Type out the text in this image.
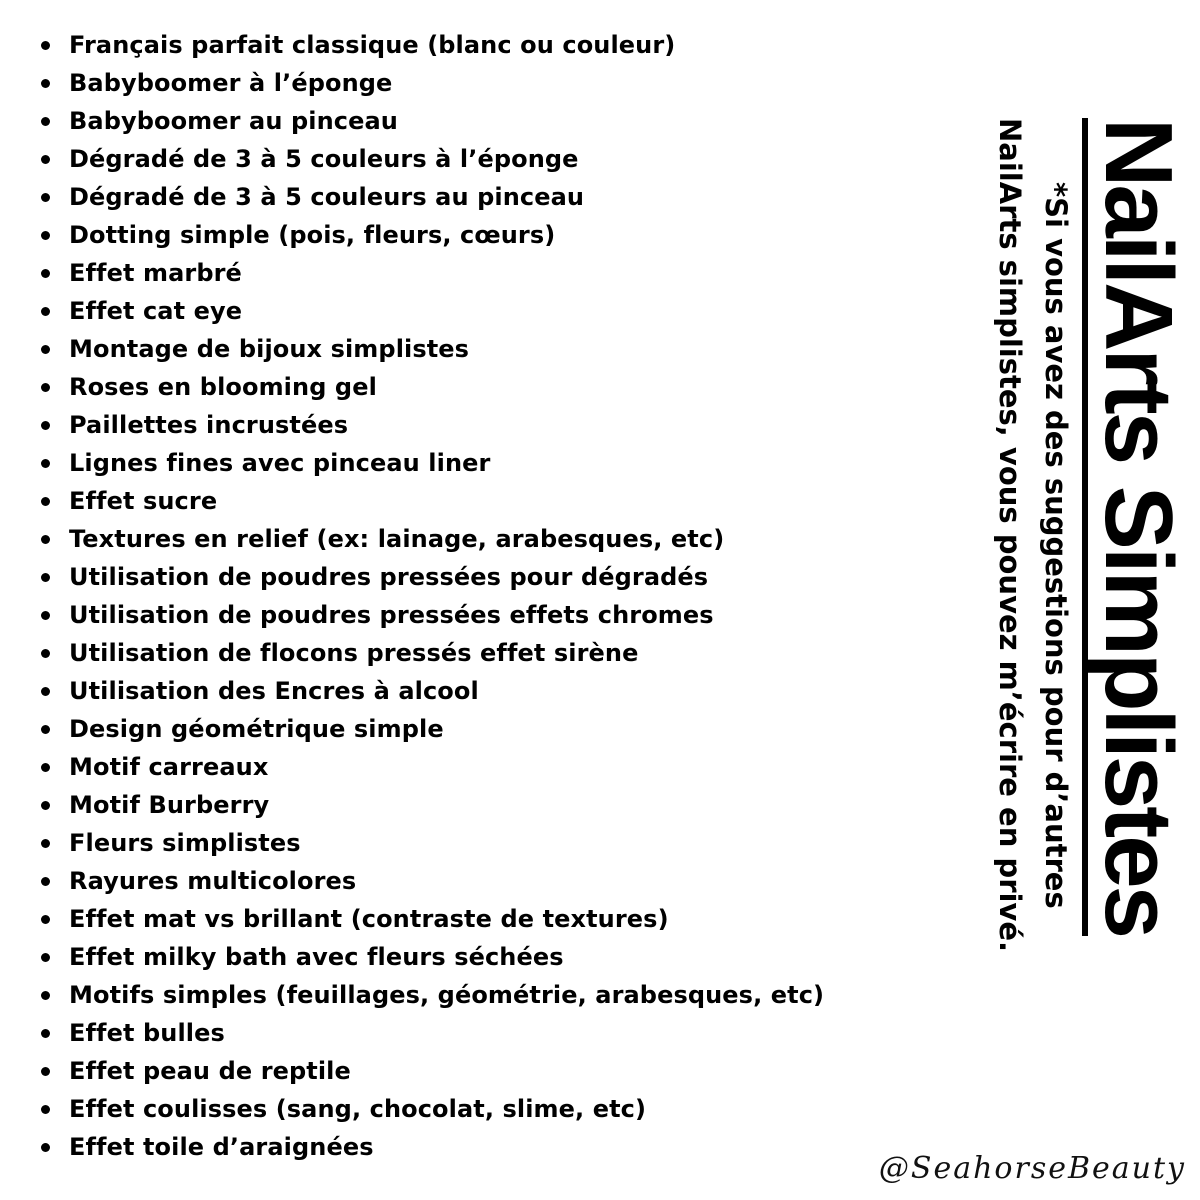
Français parfait classique (blanc ou couleur)
Babyboomer à l’éponge
Babyboomer au pinceau
Dégradé de 3 à 5 couleurs à l’éponge
Dégradé de 3 à 5 couleurs au pinceau
Dotting simple (pois, fleurs, cœurs)
Effet marbré
Effet cat eye
Montage de bijoux simplistes
Roses en blooming gel
Paillettes incrustées
Lignes fines avec pinceau liner
Effet sucre
Textures en relief (ex: lainage, arabesques, etc)
Utilisation de poudres pressées pour dégradés
Utilisation de poudres pressées effets chromes
Utilisation de flocons pressés effet sirène
Utilisation des Encres à alcool
Design géométrique simple
Motif carreaux
Motif Burberry
Fleurs simplistes
Rayures multicolores
Effet mat vs brillant (contraste de textures)
Effet milky bath avec fleurs séchées
Motifs simples (feuillages, géométrie, arabesques, etc)
Effet bulles
Effet peau de reptile
Effet coulisses (sang, chocolat, slime, etc)
Effet toile d’araignées
NailArts Simplistes
*Si vous avez des suggestions pour d’autres
NailArts simplistes, vous pouvez m’écrire en privé.
@SeahorseBeauty
